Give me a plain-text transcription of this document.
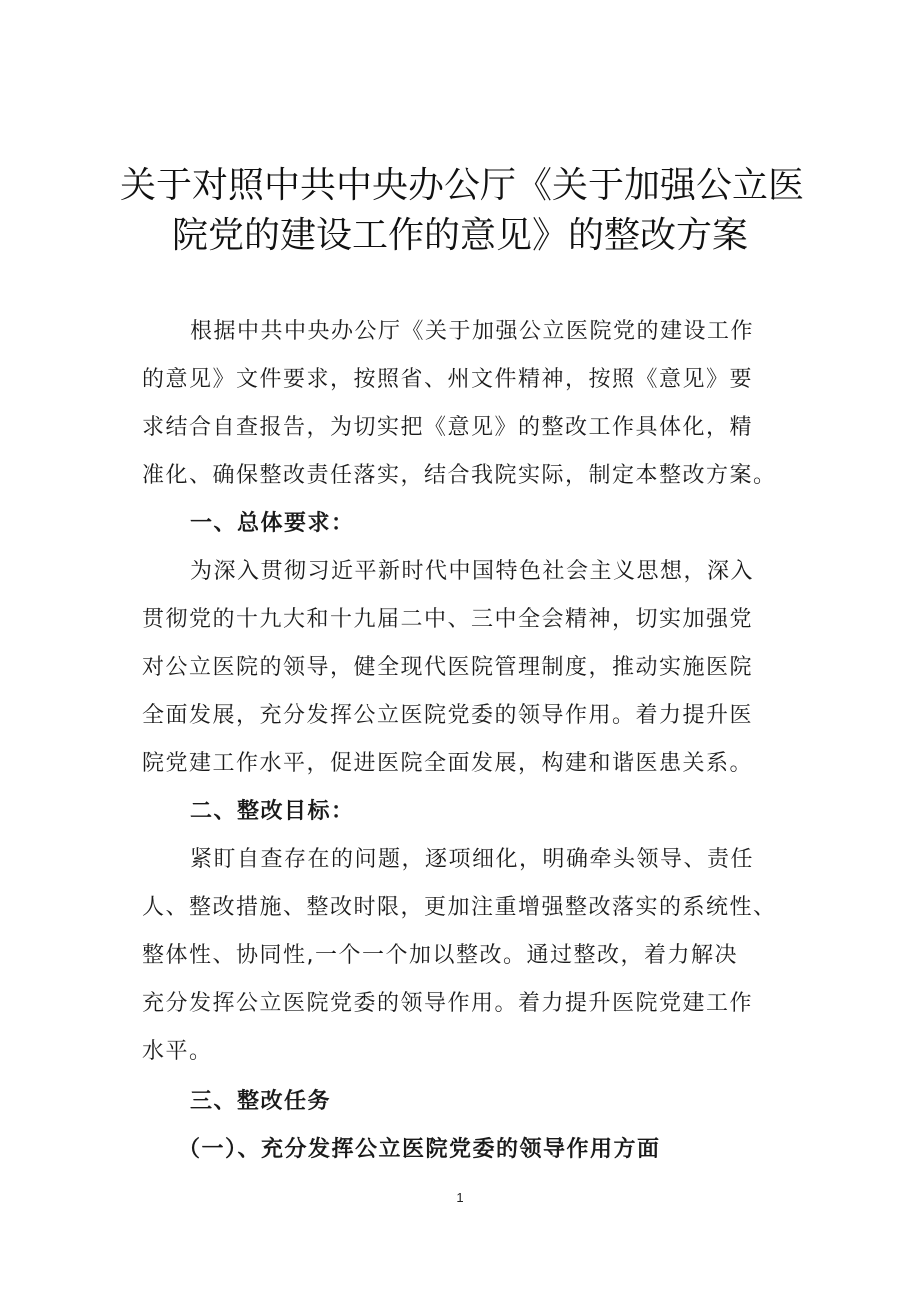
关于对照中共中央办公厅《关于加强公立医
院党的建设工作的意见》的整改方案
根据中共中央办公厅《关于加强公立医院党的建设工作
的意见》文件要求，按照省、州文件精神，按照《意见》要
求结合自查报告，为切实把《意见》的整改工作具体化，精
准化、确保整改责任落实，结合我院实际，制定本整改方案。
一、总体要求：
为深入贯彻习近平新时代中国特色社会主义思想，深入
贯彻党的十九大和十九届二中、三中全会精神，切实加强党
对公立医院的领导，健全现代医院管理制度，推动实施医院
全面发展，充分发挥公立医院党委的领导作用。着力提升医
院党建工作水平，促进医院全面发展，构建和谐医患关系。
二、整改目标：
紧盯自查存在的问题，逐项细化，明确牵头领导、责任
人、整改措施、整改时限，更加注重增强整改落实的系统性、
整体性、协同性,一个一个加以整改。通过整改，着力解决
充分发挥公立医院党委的领导作用。着力提升医院党建工作
水平。
三、整改任务
（一）、充分发挥公立医院党委的领导作用方面
1
